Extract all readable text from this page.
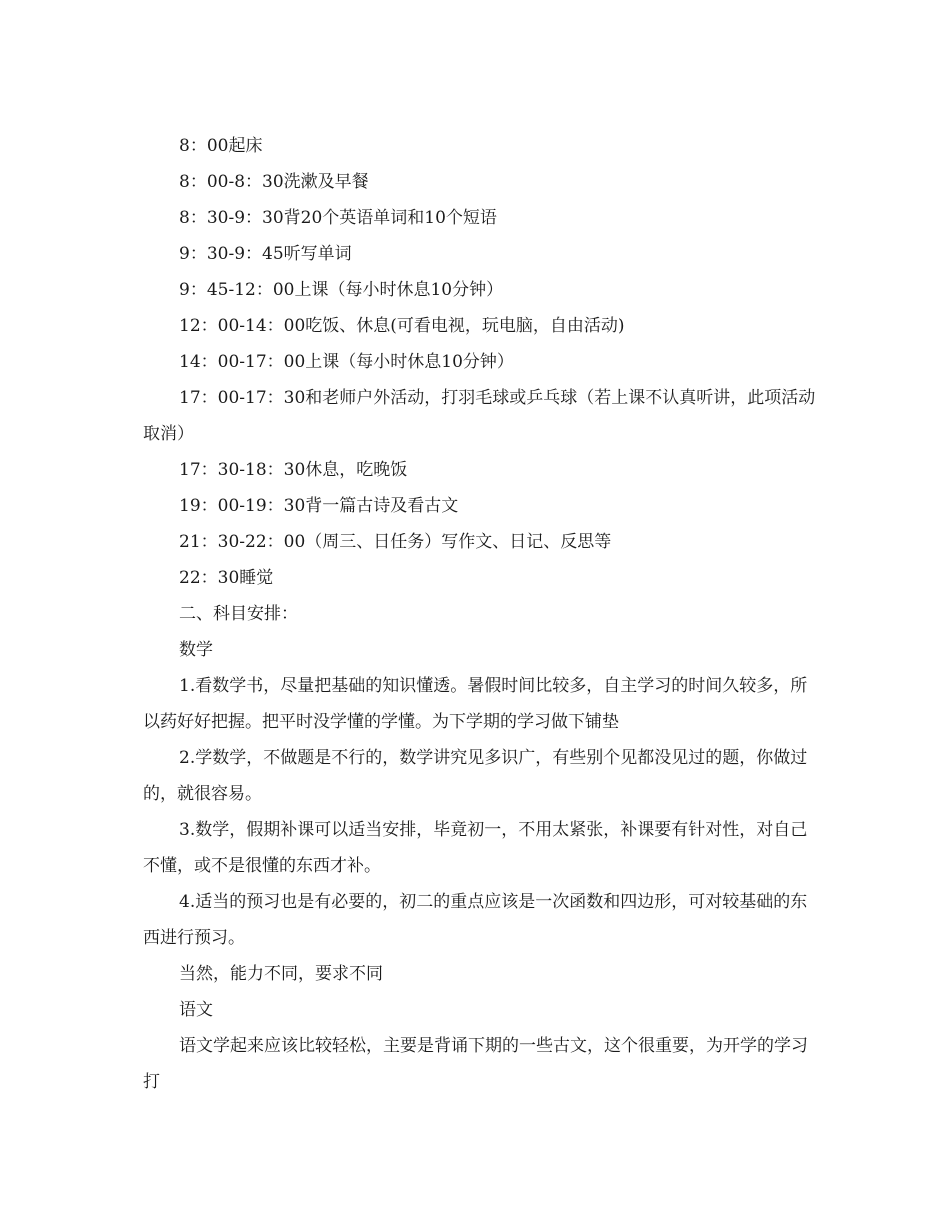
8：00起床

8：00-8：30洗漱及早餐

8：30-9：30背20个英语单词和10个短语

9：30-9：45听写单词

9：45-12：00上课（每小时休息10分钟）

12：00-14：00吃饭、休息(可看电视，玩电脑，自由活动)

14：00-17：00上课（每小时休息10分钟）

17：00-17：30和老师户外活动，打羽毛球或乒乓球（若上课不认真听讲，此项活动取消）

17：30-18：30休息，吃晚饭

19：00-19：30背一篇古诗及看古文

21：30-22：00（周三、日任务）写作文、日记、反思等

22：30睡觉

二、科目安排：

数学

1.看数学书，尽量把基础的知识懂透。暑假时间比较多，自主学习的时间久较多，所以药好好把握。把平时没学懂的学懂。为下学期的学习做下铺垫

2.学数学，不做题是不行的，数学讲究见多识广，有些别个见都没见过的题，你做过的，就很容易。

3.数学，假期补课可以适当安排，毕竟初一，不用太紧张，补课要有针对性，对自己不懂，或不是很懂的东西才补。

4.适当的预习也是有必要的，初二的重点应该是一次函数和四边形，可对较基础的东西进行预习。

当然，能力不同，要求不同

语文

语文学起来应该比较轻松，主要是背诵下期的一些古文，这个很重要，为开学的学习打
